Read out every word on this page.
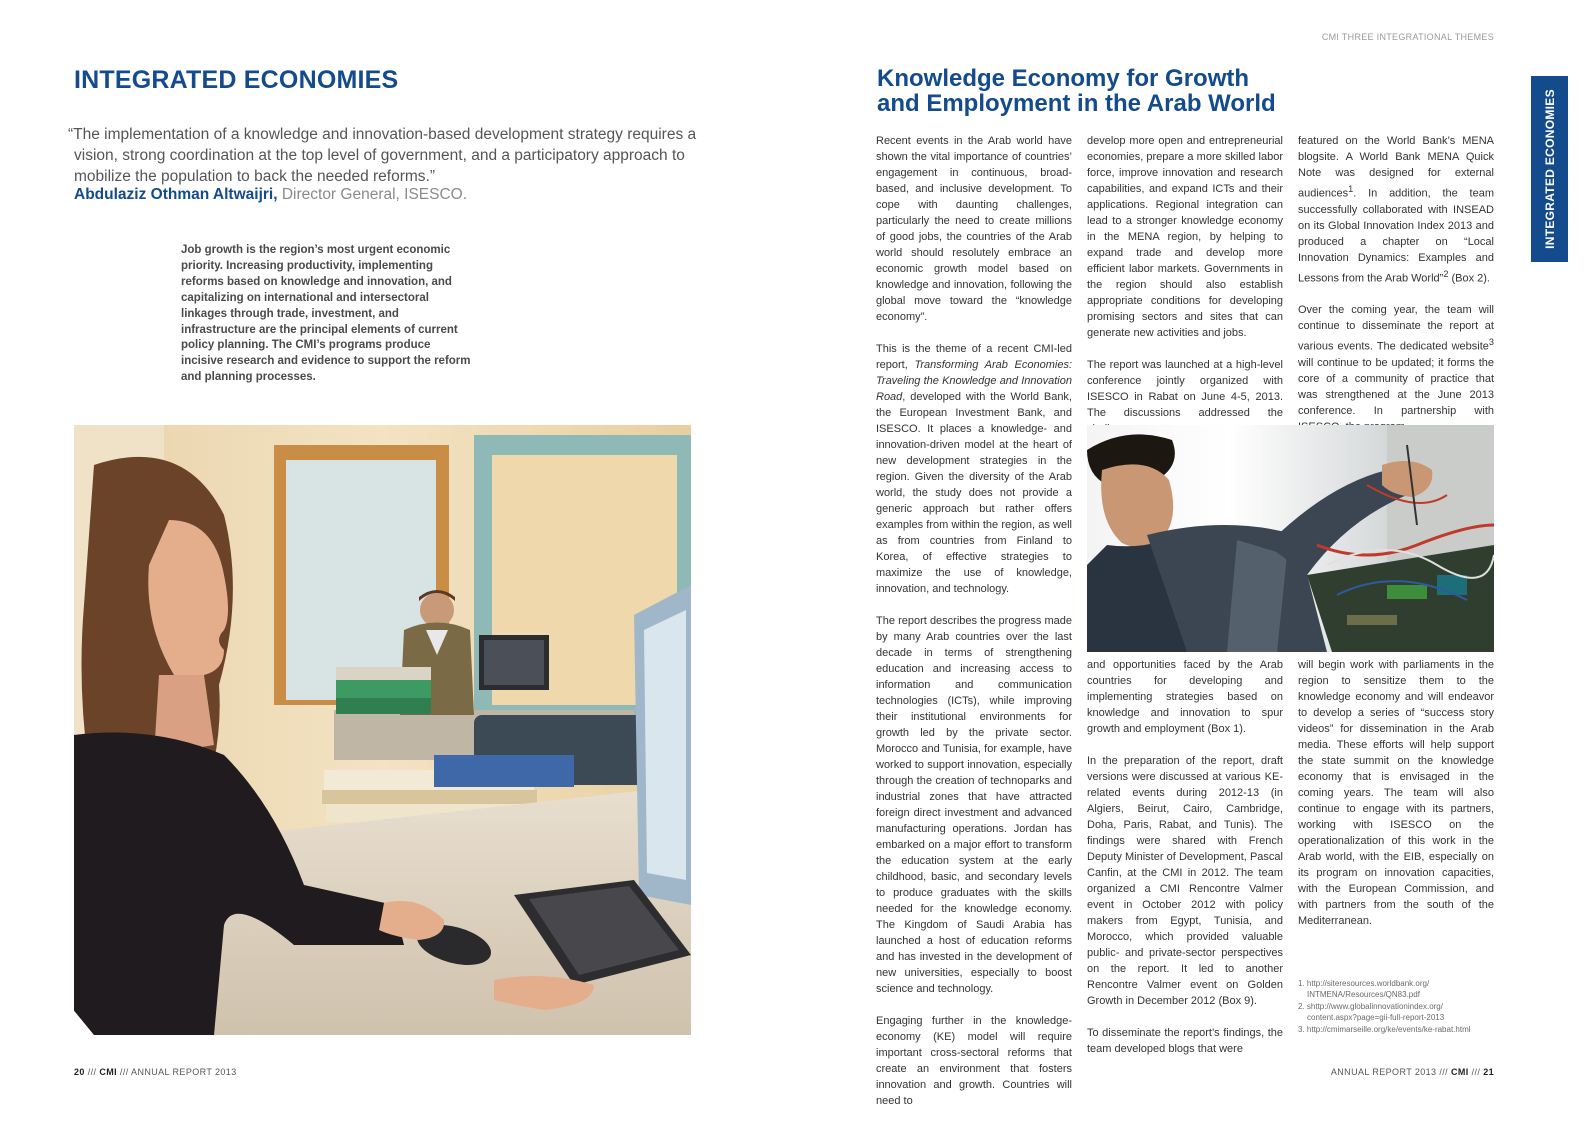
INTEGRATED ECONOMIES
“The implementation of a knowledge and innovation-based development strategy requires a
vision, strong coordination at the top level of government, and a participatory approach to
mobilize the population to back the needed reforms.”
Abdulaziz Othman Altwaijri, Director General, ISESCO.

Job growth is the region’s most urgent economic priority. Increasing productivity, implementing reforms based on knowledge and innovation, and capitalizing on international and intersectoral linkages through trade, investment, and infrastructure are the principal elements of current policy planning. The CMI’s programs produce incisive research and evidence to support the reform and planning processes.

20 /// CMI /// ANNUAL REPORT 2013
CMI THREE INTEGRATIONAL THEMES
Knowledge Economy for Growth
and Employment in the Arab World	INTEGRATED ECONOMIES

Recent events in the Arab world have shown the vital importance of countries’ engagement in continuous, broad-based, and inclusive development. To cope with daunting challenges, particularly the need to create millions of good jobs, the countries of the Arab world should resolutely embrace an economic growth model based on knowledge and innovation, following the global move toward the “knowledge economy”.

This is the theme of a recent CMI-led report, Transforming Arab Economies: Traveling the Knowledge and Innovation Road, developed with the World Bank, the European Investment Bank, and ISESCO. It places a knowledge- and innovation-driven model at the heart of new development strategies in the region. Given the diversity of the Arab world, the study does not provide a generic approach but rather offers examples from within the region, as well as from countries from Finland to Korea, of effective strategies to maximize the use of knowledge, innovation, and technology.

The report describes the progress made by many Arab countries over the last decade in terms of strengthening education and increasing access to information and communication technologies (ICTs), while improving their institutional environments for growth led by the private sector. Morocco and Tunisia, for example, have worked to support innovation, especially through the creation of technoparks and industrial zones that have attracted foreign direct investment and advanced manufacturing operations. Jordan has embarked on a major effort to transform the education system at the early childhood, basic, and secondary levels to produce graduates with the skills needed for the knowledge economy. The Kingdom of Saudi Arabia has launched a host of education reforms and has invested in the development of new universities, especially to boost science and technology.

Engaging further in the knowledge-economy (KE) model will require important cross-sectoral reforms that create an environment that fosters innovation and growth. Countries will need to

develop more open and entrepreneurial economies, prepare a more skilled labor force, improve innovation and research capabilities, and expand ICTs and their applications. Regional integration can lead to a stronger knowledge economy in the MENA region, by helping to expand trade and develop more efficient labor markets. Governments in the region should also establish appropriate conditions for developing promising sectors and sites that can generate new activities and jobs.

The report was launched at a high-level conference jointly organized with ISESCO in Rabat on June 4-5, 2013. The discussions addressed the

featured on the World Bank’s MENA blogsite. A World Bank MENA Quick Note was designed for external audiences$^1$. In addition, the team successfully collaborated with INSEAD on its Global Innovation Index 2013 and produced a chapter on “Local Innovation Dynamics: Examples and Lessons from the Arab World”$^2$ (Box 2).

Over the coming year, the team will continue to disseminate the report at various events. The dedicated website$^3$ will continue to be updated; it forms the core of a community of practice that was strengthened at the June 2013 conference. In partnership with

and opportunities faced by the Arab countries for developing and implementing strategies based on knowledge and innovation to spur growth and employment (Box 1).

In the preparation of the report, draft versions were discussed at various KE-related events during 2012-13 (in Algiers, Beirut, Cairo, Cambridge, Doha, Paris, Rabat, and Tunis). The findings were shared with French Deputy Minister of Development, Pascal Canfin, at the CMI in 2012. The team organized a CMI Rencontre Valmer event in October 2012 with policy makers from Egypt, Tunisia, and Morocco, which provided valuable public- and private-sector perspectives on the report. It led to another Rencontre Valmer event on Golden Growth in December 2012 (Box 9).

To disseminate the report’s findings, the team developed blogs that were

will begin work with parliaments in the region to sensitize them to the knowledge economy and will endeavor to develop a series of “success story videos” for dissemination in the Arab media. These efforts will help support the state summit on the knowledge economy that is envisaged in the coming years. The team will also continue to engage with its partners, working with ISESCO on the operationalization of this work in the Arab world, with the EIB, especially on its program on innovation capacities, with the European Commission, and with partners from the south of the Mediterranean.

1. http://siteresources.worldbank.org/
INTMENA/Resources/QN83.pdf
2. shttp://www.globalinnovationindex.org/
content.aspx?page=gii-full-report-2013
3. http://cmimarseille.org/ke/events/ke-rabat.html
ANNUAL REPORT 2013 /// CMI /// 21
